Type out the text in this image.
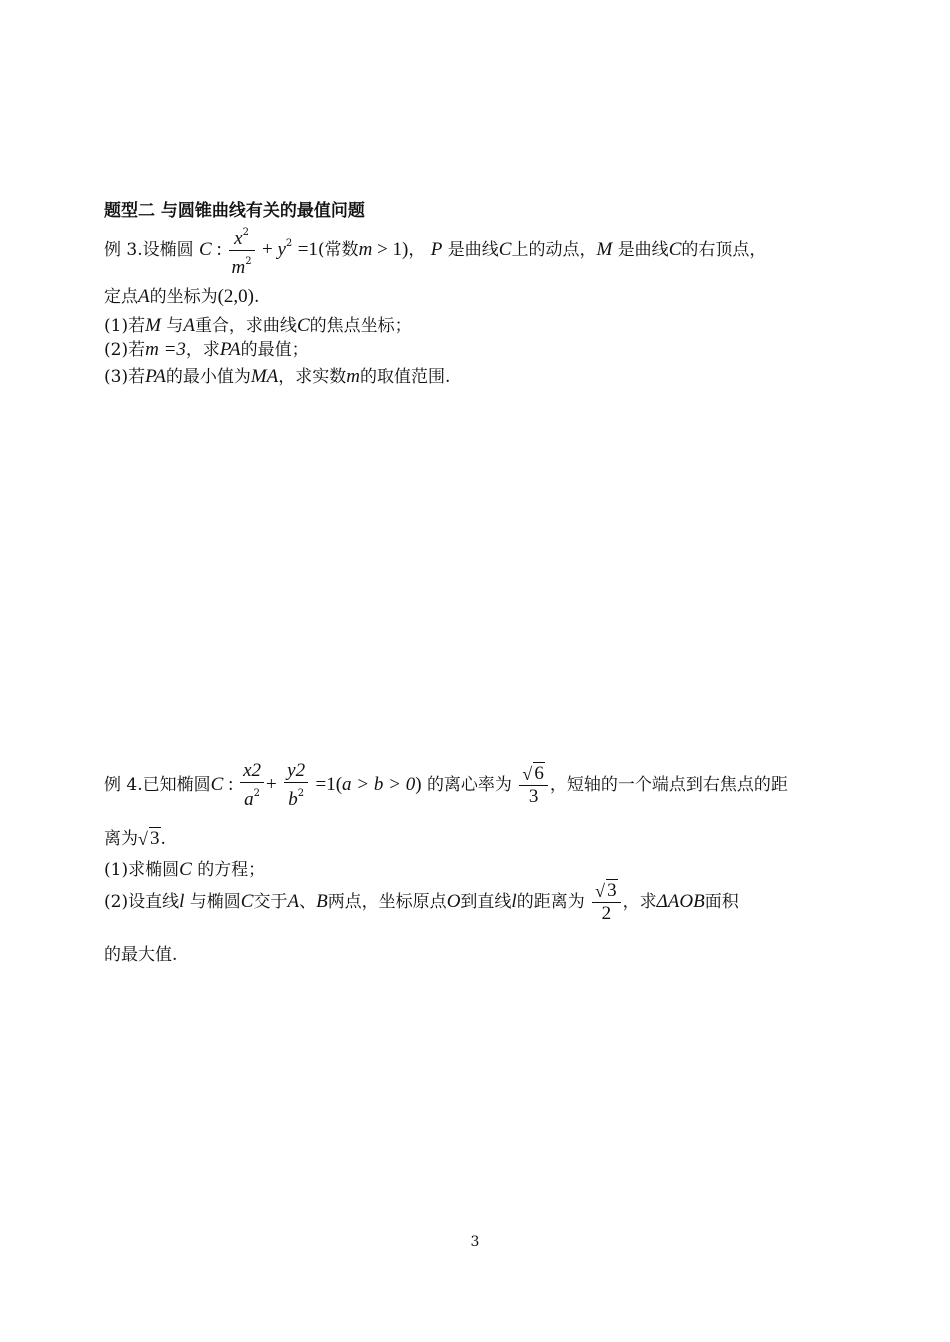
题型二 与圆锥曲线有关的最值问题
例 3.设椭圆 C : $\frac{x^2}{m^2} + y^2 =1$(常数m > 1)， P 是曲线C上的动点，M 是曲线C的右顶点，
定点A的坐标为(2,0).
(1)若M 与A重合，求曲线C的焦点坐标；
(2)若m =3，求PA的最值；
(3)若PA的最小值为MA，求实数m的取值范围.
例 4.已知椭圆C : $\frac{x2}{a^2} + \frac{y2}{b^2} =1(a > b > 0)$ 的离心率为 $\frac{√ 6}{3}$ ，短轴的一个端点到右焦点的距
离为 √ 3.
(1)求椭圆C 的方程；
(2)设直线l 与椭圆C交于A、B两点，坐标原点O到直线l的距离为 $\frac{√ 3}{2}$ ，求ΔAOB面积
的最大值.
3
